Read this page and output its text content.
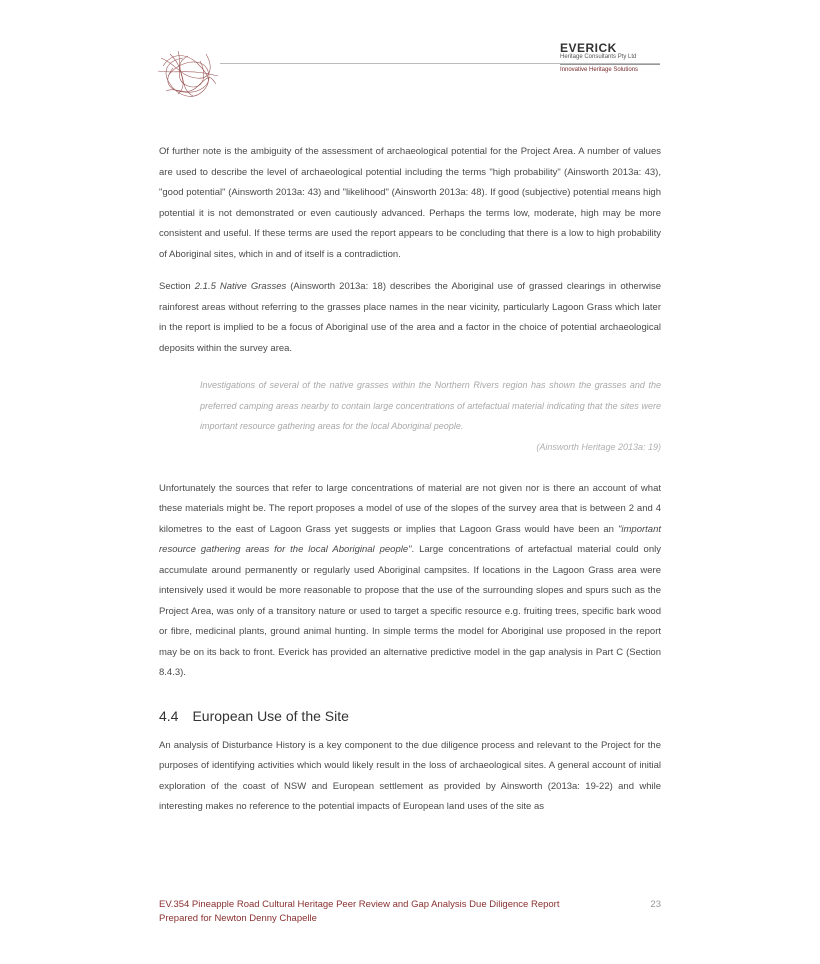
EVERICK
Heritage Consultants Pty Ltd
Innovative Heritage Solutions

Of further note is the ambiguity of the assessment of archaeological potential for the Project Area. A number of values are used to describe the level of archaeological potential including the terms "high probability" (Ainsworth 2013a: 43), "good potential" (Ainsworth 2013a: 43) and "likelihood" (Ainsworth 2013a: 48). If good (subjective) potential means high potential it is not demonstrated or even cautiously advanced. Perhaps the terms low, moderate, high may be more consistent and useful. If these terms are used the report appears to be concluding that there is a low to high probability of Aboriginal sites, which in and of itself is a contradiction.

Section 2.1.5 Native Grasses (Ainsworth 2013a: 18) describes the Aboriginal use of grassed clearings in otherwise rainforest areas without referring to the grasses place names in the near vicinity, particularly Lagoon Grass which later in the report is implied to be a focus of Aboriginal use of the area and a factor in the choice of potential archaeological deposits within the survey area.

Investigations of several of the native grasses within the Northern Rivers region has shown the grasses and the preferred camping areas nearby to contain large concentrations of artefactual material indicating that the sites were important resource gathering areas for the local Aboriginal people.
(Ainsworth Heritage 2013a: 19)

Unfortunately the sources that refer to large concentrations of material are not given nor is there an account of what these materials might be. The report proposes a model of use of the slopes of the survey area that is between 2 and 4 kilometres to the east of Lagoon Grass yet suggests or implies that Lagoon Grass would have been an "important resource gathering areas for the local Aboriginal people". Large concentrations of artefactual material could only accumulate around permanently or regularly used Aboriginal campsites. If locations in the Lagoon Grass area were intensively used it would be more reasonable to propose that the use of the surrounding slopes and spurs such as the Project Area, was only of a transitory nature or used to target a specific resource e.g. fruiting trees, specific bark wood or fibre, medicinal plants, ground animal hunting. In simple terms the model for Aboriginal use proposed in the report may be on its back to front. Everick has provided an alternative predictive model in the gap analysis in Part C (Section 8.4.3).

4.4 European Use of the Site

An analysis of Disturbance History is a key component to the due diligence process and relevant to the Project for the purposes of identifying activities which would likely result in the loss of archaeological sites. A general account of initial exploration of the coast of NSW and European settlement as provided by Ainsworth (2013a: 19-22) and while interesting makes no reference to the potential impacts of European land uses of the site as

EV.354 Pineapple Road Cultural Heritage Peer Review and Gap Analysis Due Diligence Report
Prepared for Newton Denny Chapelle
23
